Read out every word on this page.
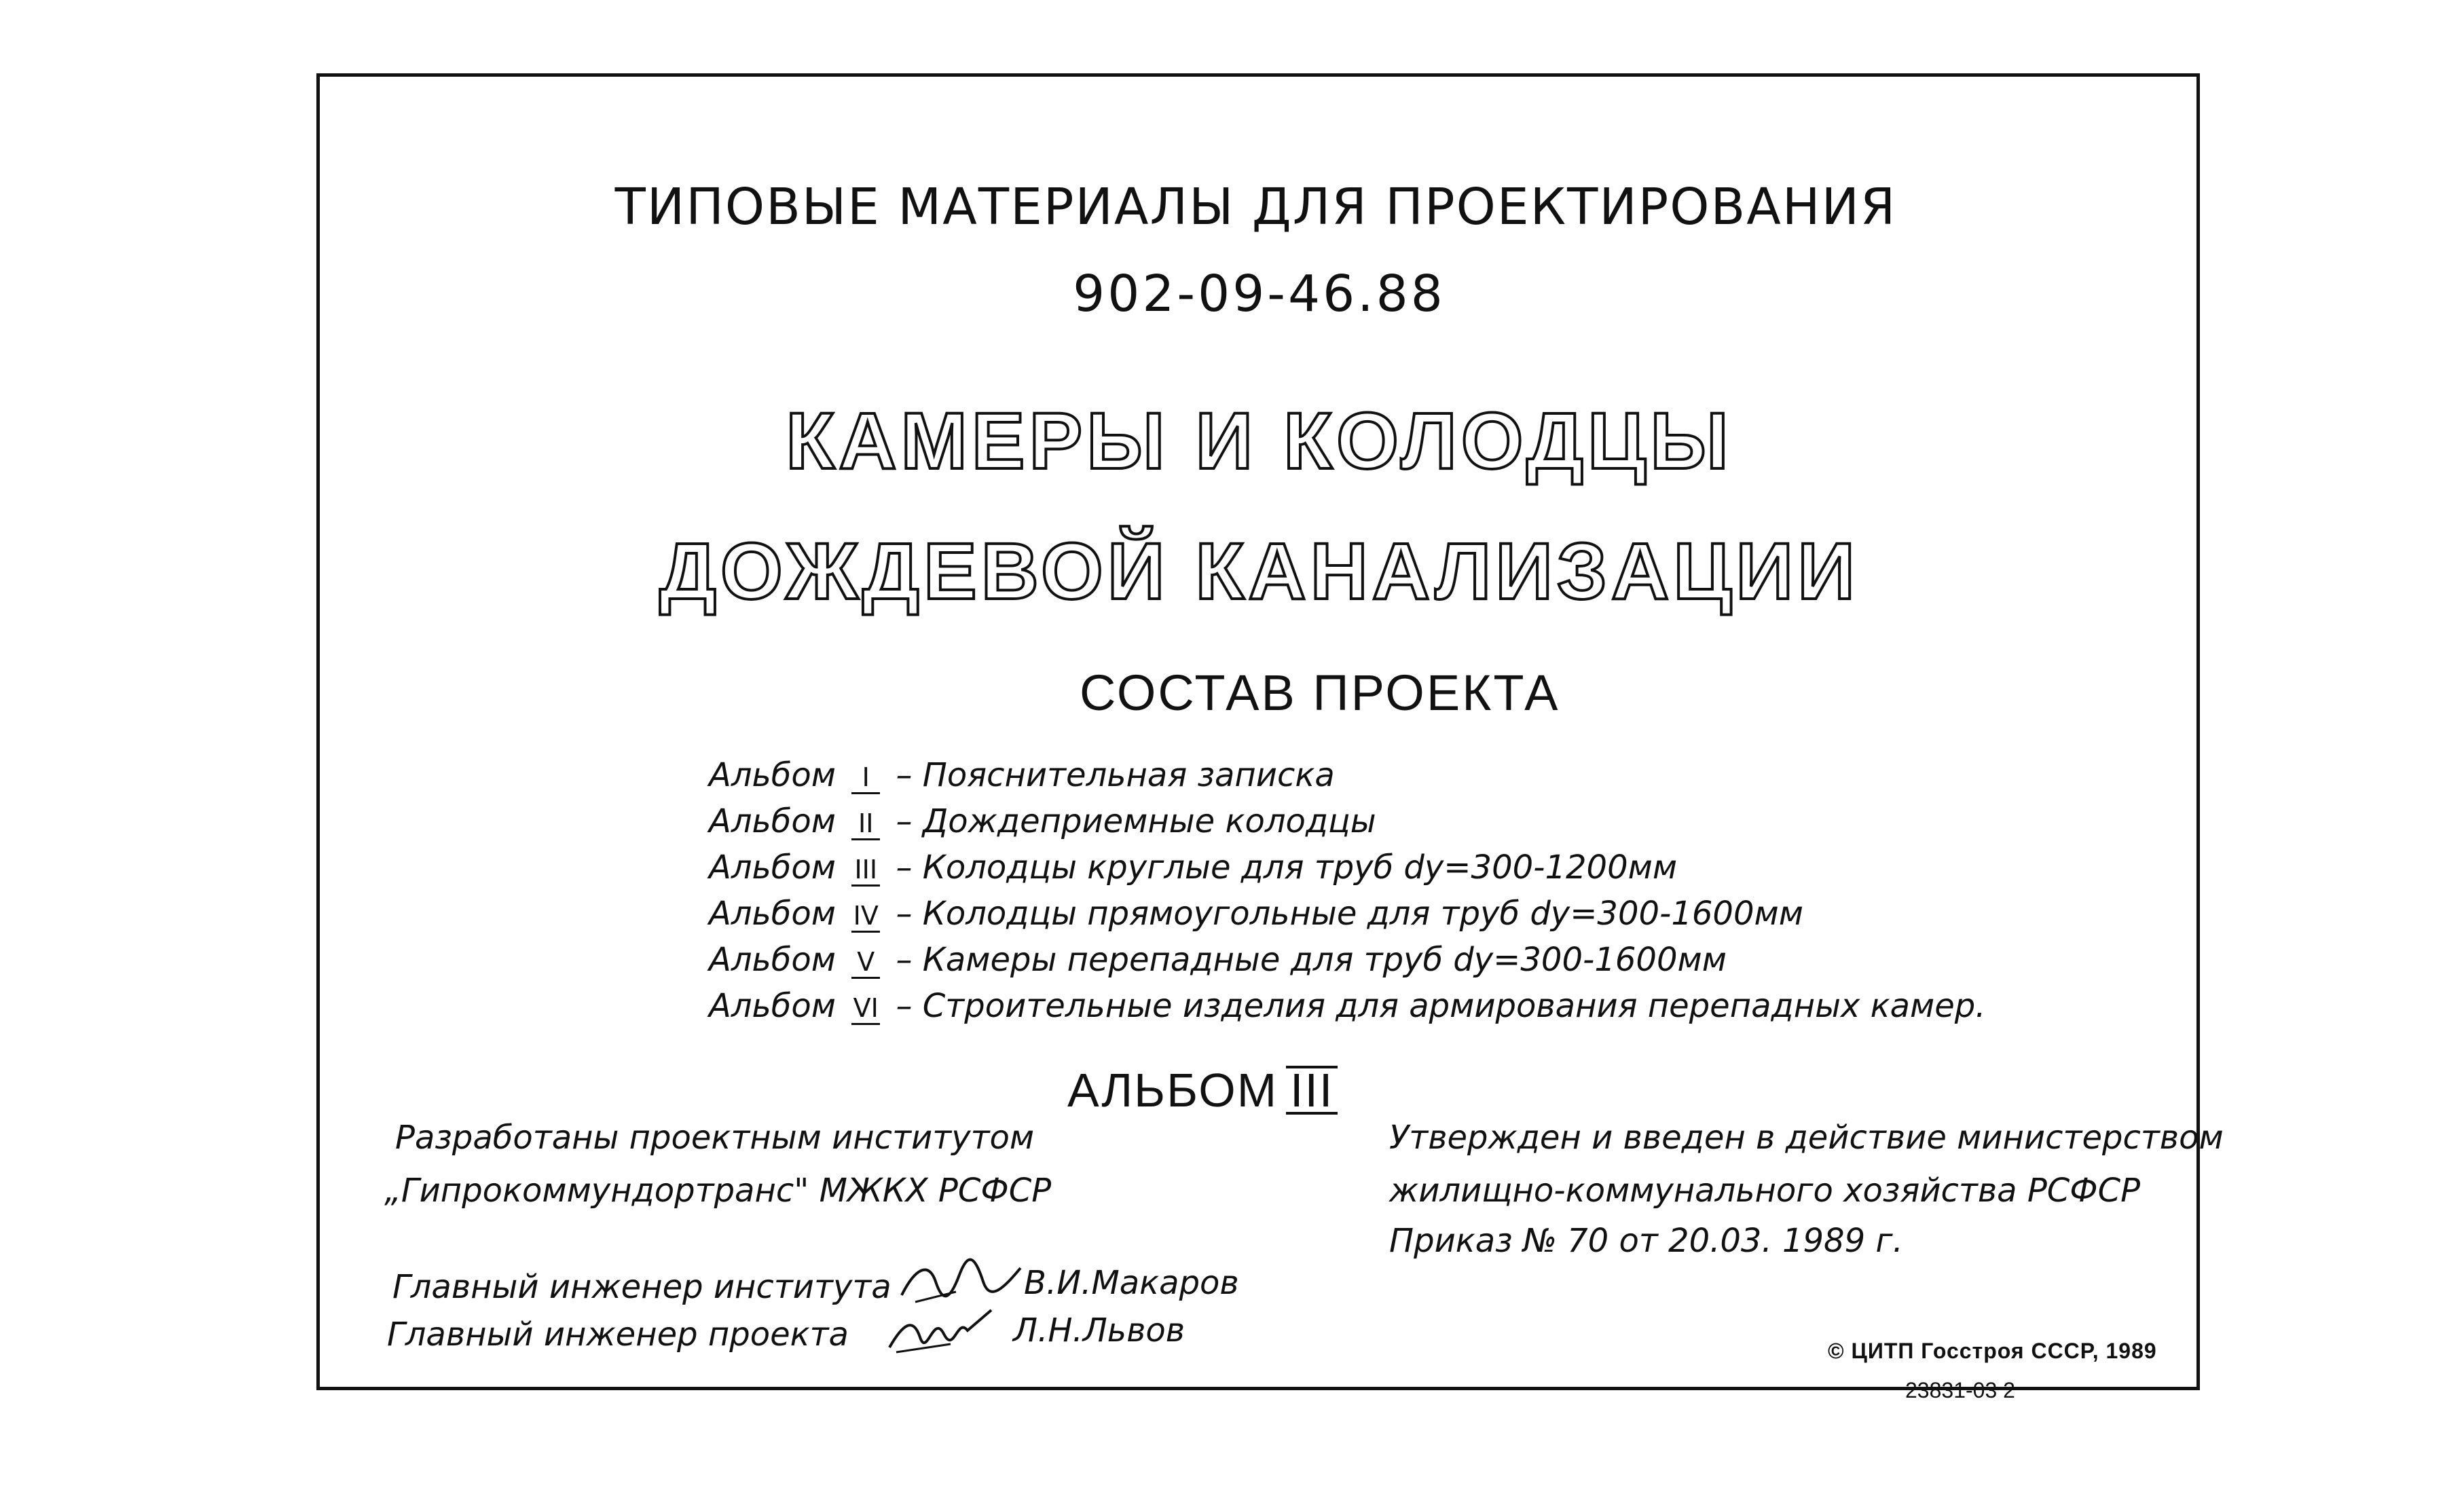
ТИПОВЫЕ МАТЕРИАЛЫ ДЛЯ ПРОЕКТИРОВАНИЯ
902-09-46.88
КАМЕРЫ И КОЛОДЦЫ
ДОЖДЕВОЙ КАНАЛИЗАЦИИ
СОСТАВ ПРОЕКТА
Альбом I – Пояснительная записка
Альбом II – Дождеприемные колодцы
Альбом III – Колодцы круглые для труб dу=300-1200мм
Альбом IV – Колодцы прямоугольные для труб dу=300-1600мм
Альбом V – Камеры перепадные для труб dу=300-1600мм
Альбом VI – Строительные изделия для армирования перепадных камер.
АЛЬБОМ III
Разработаны проектным институтом
„Гипрокоммундортранс" МЖКХ РСФСР
Утвержден и введен в действие министерством
жилищно-коммунального хозяйства РСФСР
Приказ № 70 от 20.03. 1989 г.
Главный инженер института	В.И.Макаров
Главный инженер проекта	Л.Н.Львов
© ЦИТП Госстроя СССР, 1989
23831-03 2
